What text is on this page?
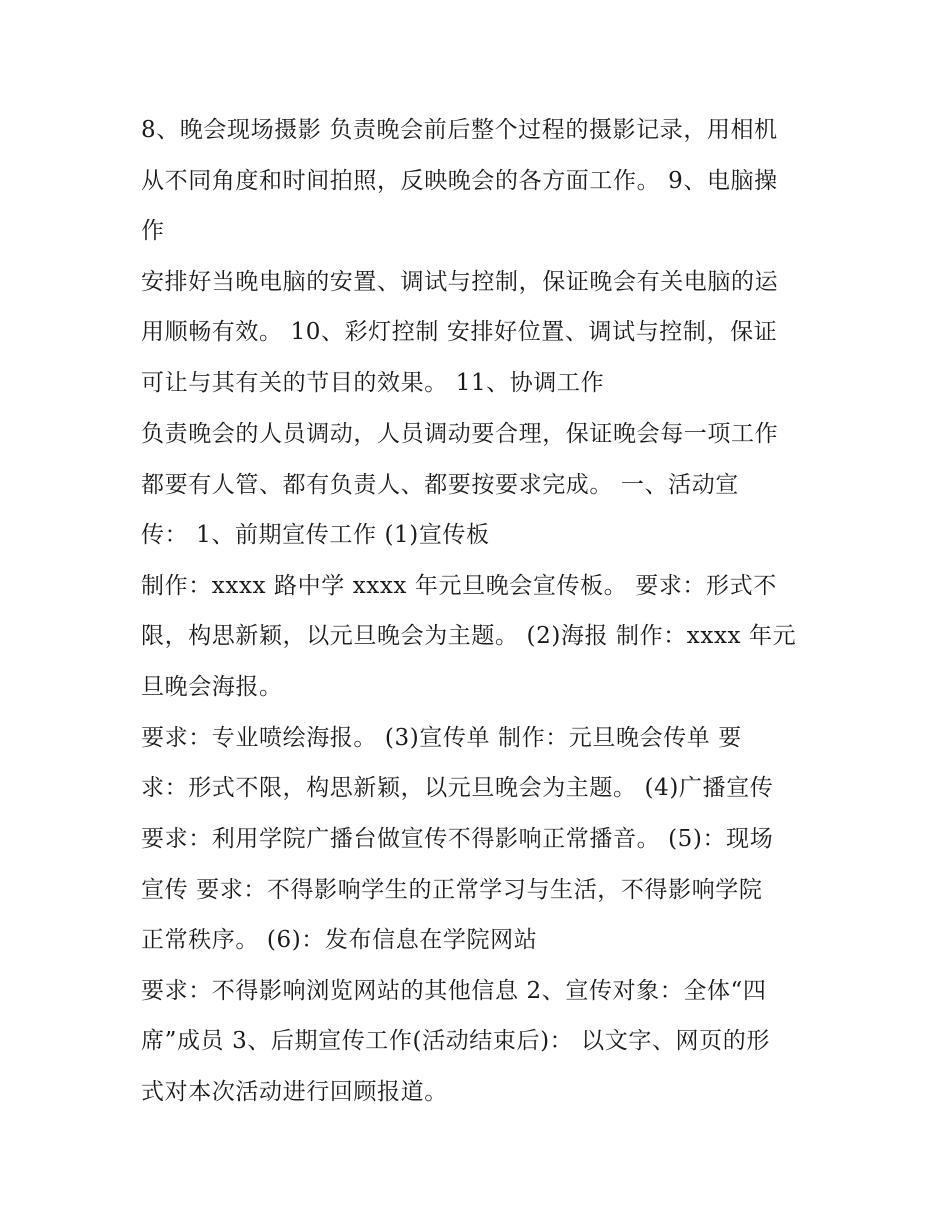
8、晚会现场摄影 负责晚会前后整个过程的摄影记录，用相机
从不同角度和时间拍照，反映晚会的各方面工作。 9、电脑操
作
安排好当晚电脑的安置、调试与控制，保证晚会有关电脑的运
用顺畅有效。 10、彩灯控制 安排好位置、调试与控制，保证
可让与其有关的节目的效果。 11、协调工作
负责晚会的人员调动，人员调动要合理，保证晚会每一项工作
都要有人管、都有负责人、都要按要求完成。 一、活动宣
传： 1、前期宣传工作 (1)宣传板
制作：xxxx 路中学 xxxx 年元旦晚会宣传板。 要求：形式不
限，构思新颖，以元旦晚会为主题。 (2)海报 制作：xxxx 年元
旦晚会海报。
要求：专业喷绘海报。 (3)宣传单 制作：元旦晚会传单 要
求：形式不限，构思新颖，以元旦晚会为主题。 (4)广播宣传
要求：利用学院广播台做宣传不得影响正常播音。 (5)：现场
宣传 要求：不得影响学生的正常学习与生活，不得影响学院
正常秩序。 (6)：发布信息在学院网站
要求：不得影响浏览网站的其他信息 2、宣传对象：全体“四
席”成员 3、后期宣传工作(活动结束后)： 以文字、网页的形
式对本次活动进行回顾报道。
